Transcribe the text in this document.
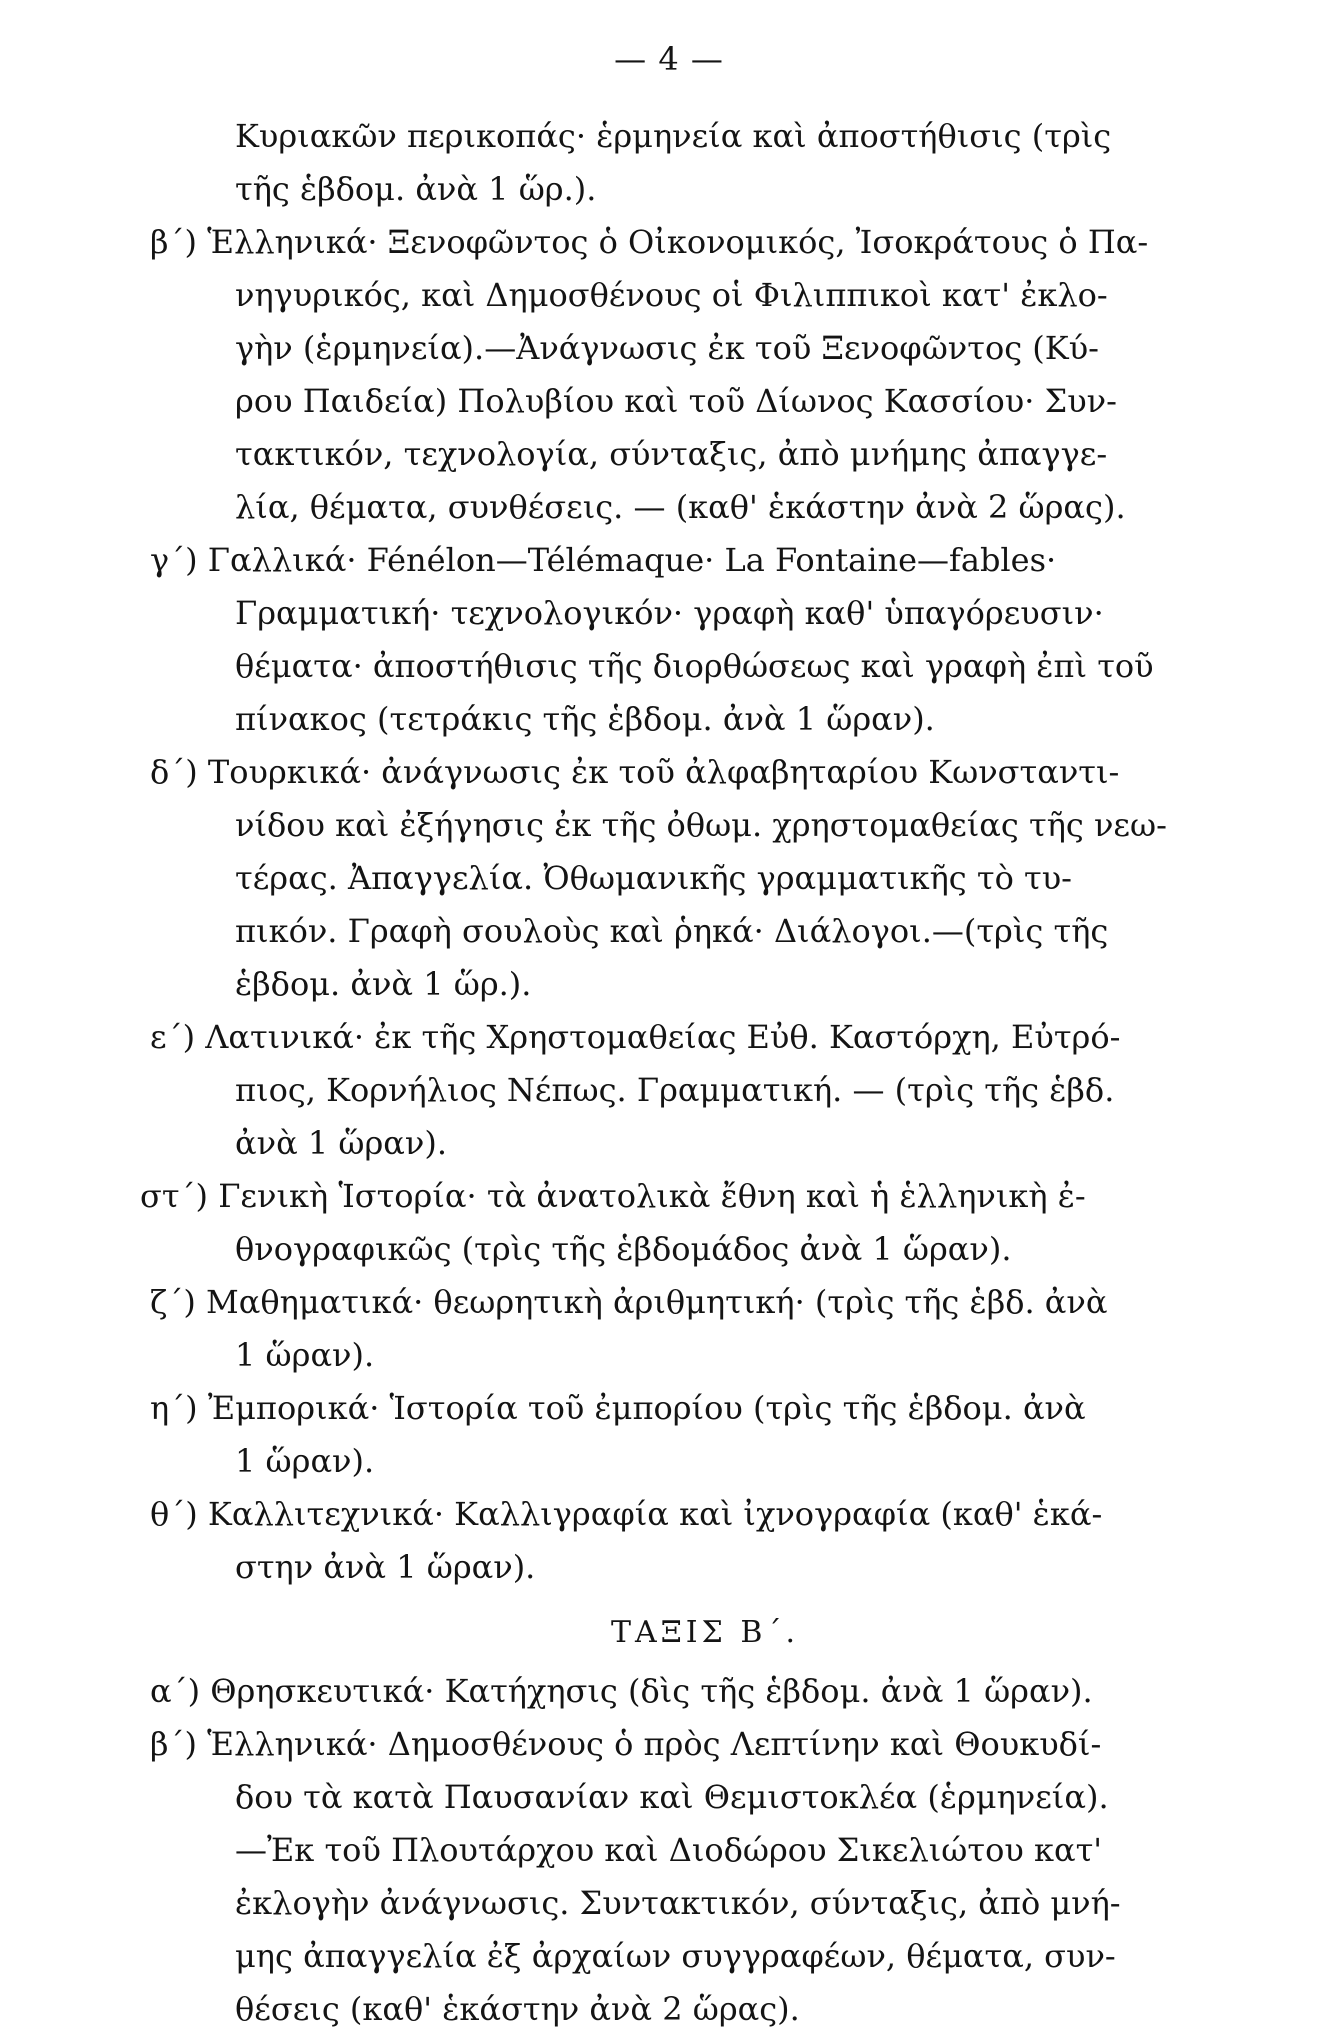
— 4 —
Κυριακῶν περικοπάς· ἑρμηνεία καὶ ἀποστήθισις (τρὶς
τῆς ἑβδομ. ἀνὰ 1 ὥρ.).
β΄) Ἑλληνικά· Ξενοφῶντος ὁ Οἰκονομικός, Ἰσοκράτους ὁ Πα-
νηγυρικός, καὶ Δημοσθένους οἱ Φιλιππικοὶ κατ' ἐκλο-
γὴν (ἑρμηνεία).—Ἀνάγνωσις ἐκ τοῦ Ξενοφῶντος (Κύ-
ρου Παιδεία) Πολυβίου καὶ τοῦ Δίωνος Κασσίου· Συν-
τακτικόν, τεχνολογία, σύνταξις, ἀπὸ μνήμης ἀπαγγε-
λία, θέματα, συνθέσεις. — (καθ' ἑκάστην ἀνὰ 2 ὥρας).
γ΄) Γαλλικά· Fénélon—Télémaque· La Fontaine—fables·
Γραμματική· τεχνολογικόν· γραφὴ καθ' ὑπαγόρευσιν·
θέματα· ἀποστήθισις τῆς διορθώσεως καὶ γραφὴ ἐπὶ τοῦ
πίνακος (τετράκις τῆς ἑβδομ. ἀνὰ 1 ὥραν).
δ΄) Τουρκικά· ἀνάγνωσις ἐκ τοῦ ἀλφαβηταρίου Κωνσταντι-
νίδου καὶ ἐξήγησις ἐκ τῆς ὀθωμ. χρηστομαθείας τῆς νεω-
τέρας. Ἀπαγγελία. Ὀθωμανικῆς γραμματικῆς τὸ τυ-
πικόν. Γραφὴ σουλοὺς καὶ ῥηκά· Διάλογοι.—(τρὶς τῆς
ἑβδομ. ἀνὰ 1 ὥρ.).
ε΄) Λατινικά· ἐκ τῆς Χρηστομαθείας Εὐθ. Καστόρχη, Εὐτρό-
πιος, Κορνήλιος Νέπως. Γραμματική. — (τρὶς τῆς ἑβδ.
ἀνὰ 1 ὥραν).
στ΄) Γενικὴ Ἱστορία· τὰ ἀνατολικὰ ἔθνη καὶ ἡ ἑλληνικὴ ἐ-
θνογραφικῶς (τρὶς τῆς ἑβδομάδος ἀνὰ 1 ὥραν).
ζ΄) Μαθηματικά· θεωρητικὴ ἀριθμητική· (τρὶς τῆς ἑβδ. ἀνὰ
1 ὥραν).
η΄) Ἐμπορικά· Ἱστορία τοῦ ἐμπορίου (τρὶς τῆς ἑβδομ. ἀνὰ
1 ὥραν).
θ΄) Καλλιτεχνικά· Καλλιγραφία καὶ ἰχνογραφία (καθ' ἑκά-
στην ἀνὰ 1 ὥραν).
ΤΑΞΙΣ Β΄.
α΄) Θρησκευτικά· Κατήχησις (δὶς τῆς ἑβδομ. ἀνὰ 1 ὥραν).
β΄) Ἑλληνικά· Δημοσθένους ὁ πρὸς Λεπτίνην καὶ Θουκυδί-
δου τὰ κατὰ Παυσανίαν καὶ Θεμιστοκλέα (ἑρμηνεία).
—Ἐκ τοῦ Πλουτάρχου καὶ Διοδώρου Σικελιώτου κατ'
ἐκλογὴν ἀνάγνωσις. Συντακτικόν, σύνταξις, ἀπὸ μνή-
μης ἀπαγγελία ἐξ ἀρχαίων συγγραφέων, θέματα, συν-
θέσεις (καθ' ἑκάστην ἀνὰ 2 ὥρας).
